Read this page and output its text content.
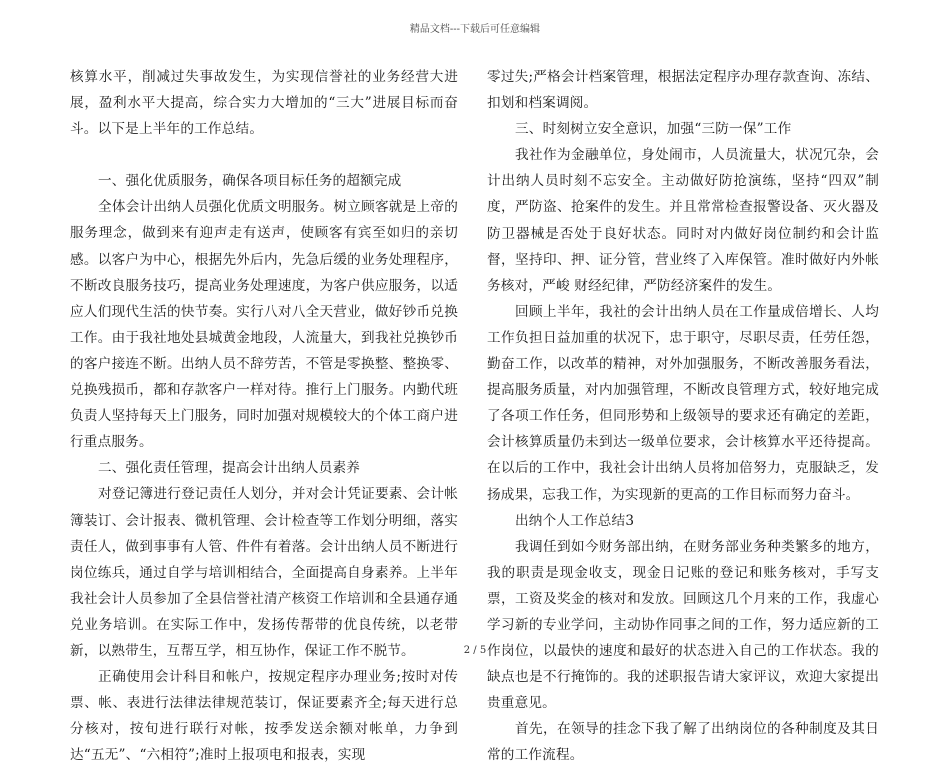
精品文档---下载后可任意编辑

核算水平，削减过失事故发生，为实现信誉社的业务经营大进展，盈利水平大提高，综合实力大增加的“三大”进展目标而奋斗。以下是上半年的工作总结。

一、强化优质服务，确保各项目标任务的超额完成

全体会计出纳人员强化优质文明服务。树立顾客就是上帝的服务理念，做到来有迎声走有送声，使顾客有宾至如归的亲切感。以客户为中心，根据先外后内，先急后缓的业务处理程序，不断改良服务技巧，提高业务处理速度，为客户供应服务，以适应人们现代生活的快节奏。实行八对八全天营业，做好钞币兑换工作。由于我社地处县城黄金地段，人流量大，到我社兑换钞币的客户接连不断。出纳人员不辞劳苦，不管是零换整、整换零、兑换残损币，都和存款客户一样对待。推行上门服务。内勤代班负责人坚持每天上门服务，同时加强对规模较大的个体工商户进行重点服务。

二、强化责任管理，提高会计出纳人员素养

对登记簿进行登记责任人划分，并对会计凭证要素、会计帐簿装订、会计报表、微机管理、会计检查等工作划分明细，落实责任人，做到事事有人管、件件有着落。会计出纳人员不断进行岗位练兵，通过自学与培训相结合，全面提高自身素养。上半年我社会计人员参加了全县信誉社清产核资工作培训和全县通存通兑业务培训。在实际工作中，发扬传帮带的优良传统，以老带新，以熟带生，互帮互学，相互协作，保证工作不脱节。

正确使用会计科目和帐户，按规定程序办理业务;按时对传票、帐、表进行法律法律规范装订，保证要素齐全;每天进行总分核对，按旬进行联行对帐，按季发送余额对帐单，力争到达“五无”、“六相符”;准时上报项电和报表，实现

零过失;严格会计档案管理，根据法定程序办理存款查询、冻结、扣划和档案调阅。

三、时刻树立安全意识，加强“三防一保”工作

我社作为金融单位，身处闹市，人员流量大，状况冗杂，会计出纳人员时刻不忘安全。主动做好防抢演练，坚持“四双”制度，严防盗、抢案件的发生。并且常常检查报警设备、灭火器及防卫器械是否处于良好状态。同时对内做好岗位制约和会计监督，坚持印、押、证分管，营业终了入库保管。准时做好内外帐务核对，严峻 财经纪律，严防经济案件的发生。

回顾上半年，我社的会计出纳人员在工作量成倍增长、人均工作负担日益加重的状况下，忠于职守，尽职尽责，任劳任怨，勤奋工作，以改革的精神，对外加强服务，不断改善服务看法，提高服务质量，对内加强管理，不断改良管理方式，较好地完成了各项工作任务，但同形势和上级领导的要求还有确定的差距，会计核算质量仍未到达一级单位要求，会计核算水平还待提高。在以后的工作中，我社会计出纳人员将加倍努力，克服缺乏，发扬成果，忘我工作，为实现新的更高的工作目标而努力奋斗。

出纳个人工作总结3

我调任到如今财务部出纳，在财务部业务种类繁多的地方，我的职责是现金收支，现金日记账的登记和账务核对，手写支票，工资及奖金的核对和发放。回顾这几个月来的工作，我虚心学习新的专业学问，主动协作同事之间的工作，努力适应新的工作岗位，以最快的速度和最好的状态进入自己的工作状态。我的缺点也是不行掩饰的。我的述职报告请大家评议，欢迎大家提出贵重意见。

首先，在领导的挂念下我了解了出纳岗位的各种制度及其日常的工作流程。

2 / 5
